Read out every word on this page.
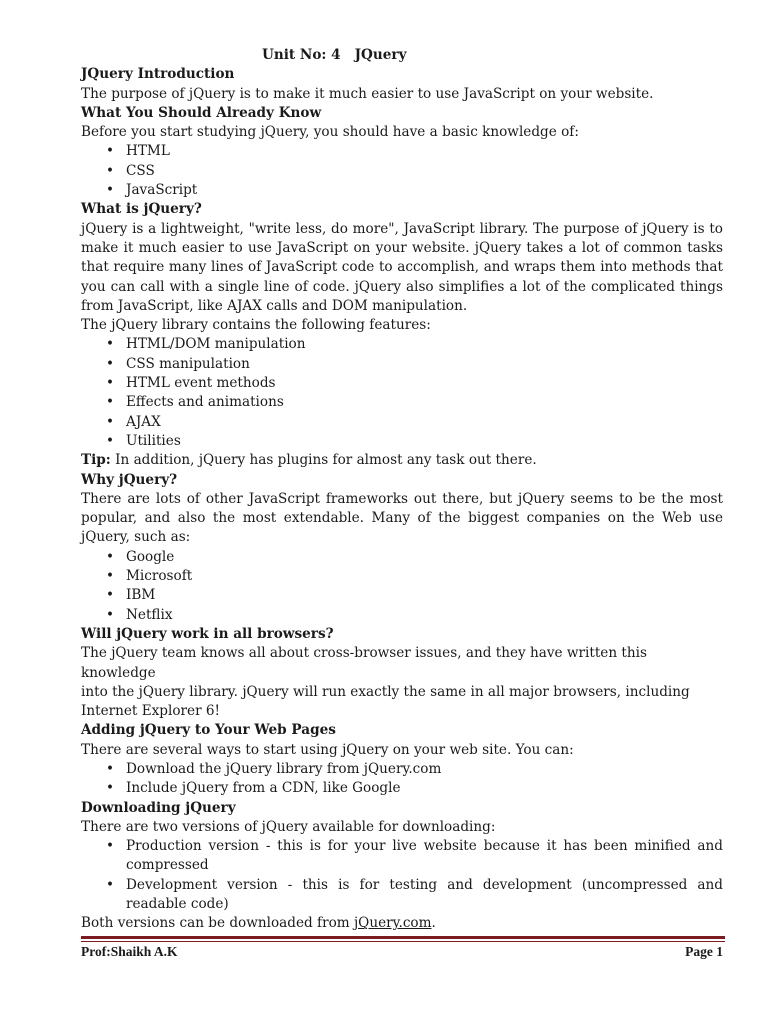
Unit No: 4 JQuery
JQuery Introduction

The purpose of jQuery is to make it much easier to use JavaScript on your website.

What You Should Already Know

Before you start studying jQuery, you should have a basic knowledge of:

• HTML
• CSS
• JavaScript
What is jQuery?

jQuery is a lightweight, "write less, do more", JavaScript library. The purpose of jQuery is to make it much easier to use JavaScript on your website. jQuery takes a lot of common tasks that require many lines of JavaScript code to accomplish, and wraps them into methods that you can call with a single line of code. jQuery also simplifies a lot of the complicated things from JavaScript, like AJAX calls and DOM manipulation.

The jQuery library contains the following features:

• HTML/DOM manipulation
• CSS manipulation
• HTML event methods
• Effects and animations
• AJAX
• Utilities

Tip: In addition, jQuery has plugins for almost any task out there.

Why jQuery?

There are lots of other JavaScript frameworks out there, but jQuery seems to be the most popular, and also the most extendable. Many of the biggest companies on the Web use jQuery, such as:

• Google
• Microsoft
• IBM
• Netflix
Will jQuery work in all browsers?

The jQuery team knows all about cross-browser issues, and they have written this knowledge

into the jQuery library. jQuery will run exactly the same in all major browsers, including

Internet Explorer 6!

Adding jQuery to Your Web Pages

There are several ways to start using jQuery on your web site. You can:

• Download the jQuery library from jQuery.com
• Include jQuery from a CDN, like Google
Downloading jQuery

There are two versions of jQuery available for downloading:

• Production version - this is for your live website because it has been minified and compressed
• Development version - this is for testing and development (uncompressed and readable code)

Both versions can be downloaded from jQuery.com.

Prof:Shaikh A.K	Page 1
